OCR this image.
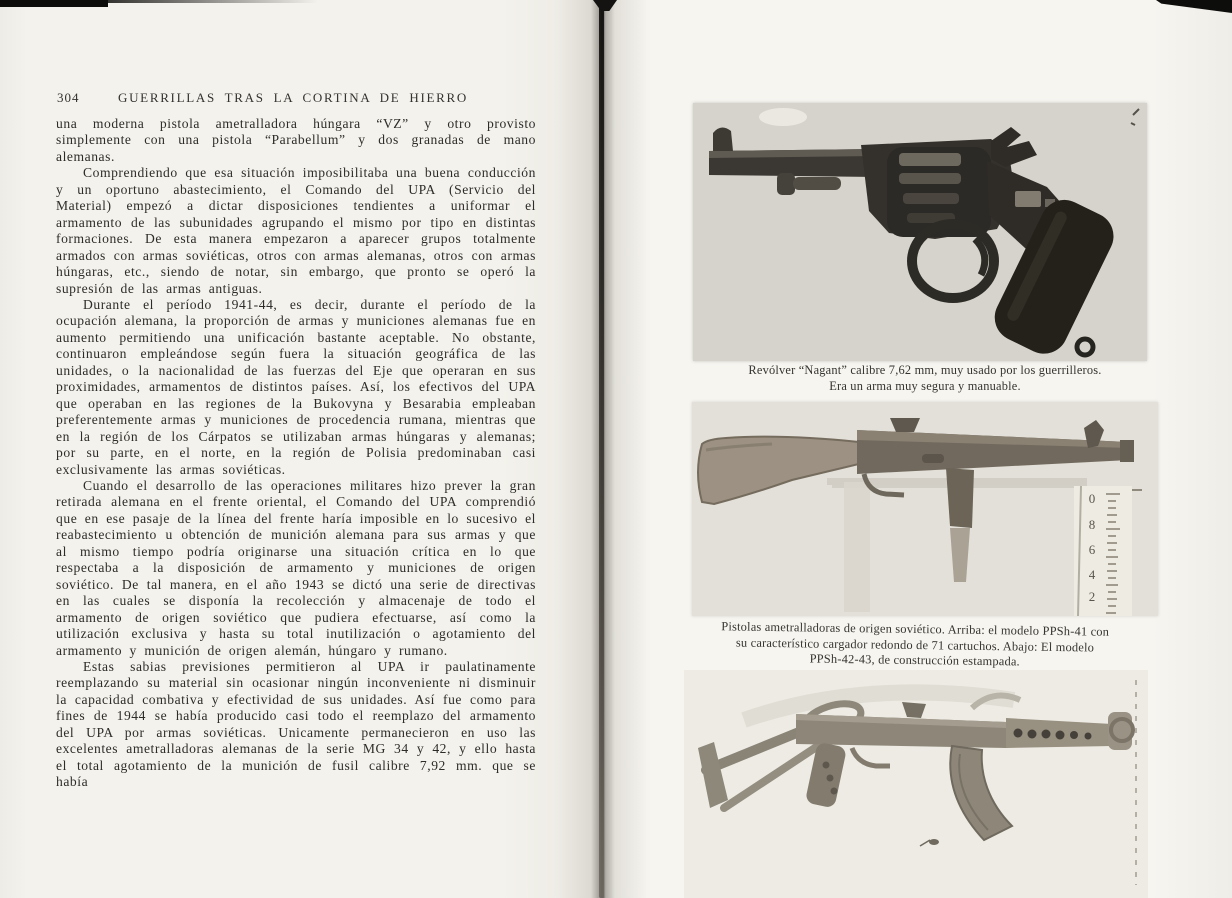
304	GUERRILLAS TRAS LA CORTINA DE HIERRO

una moderna pistola ametralladora húngara “VZ” y otro provisto simplemente con una pistola “Parabellum” y dos granadas de mano alemanas.

Comprendiendo que esa situación imposibilitaba una buena conducción y un oportuno abastecimiento, el Comando del UPA (Servicio del Material) empezó a dictar disposiciones tendientes a uniformar el armamento de las subunidades agrupando el mismo por tipo en distintas formaciones. De esta manera empezaron a aparecer grupos totalmente armados con armas soviéticas, otros con armas alemanas, otros con armas húngaras, etc., siendo de notar, sin embargo, que pronto se operó la supresión de las armas antiguas.

Durante el período 1941-44, es decir, durante el período de la ocupación alemana, la proporción de armas y municiones alemanas fue en aumento permitiendo una unificación bastante aceptable. No obstante, continuaron empleándose según fuera la situación geográfica de las unidades, o la nacionalidad de las fuerzas del Eje que operaran en sus proximidades, armamentos de distintos países. Así, los efectivos del UPA que operaban en las regiones de la Bukovyna y Besarabia empleaban preferentemente armas y municiones de procedencia rumana, mientras que en la región de los Cárpatos se utilizaban armas húngaras y alemanas; por su parte, en el norte, en la región de Polisia predominaban casi exclusivamente las armas soviéticas.

Cuando el desarrollo de las operaciones militares hizo prever la gran retirada alemana en el frente oriental, el Comando del UPA comprendió que en ese pasaje de la línea del frente haría imposible en lo sucesivo el reabastecimiento u obtención de munición alemana para sus armas y que al mismo tiempo podría originarse una situación crítica en lo que respectaba a la disposición de armamento y municiones de origen soviético. De tal manera, en el año 1943 se dictó una serie de directivas en las cuales se disponía la recolección y almacenaje de todo el armamento de origen soviético que pudiera efectuarse, así como la utilización exclusiva y hasta su total inutilización o agotamiento del armamento y munición de origen alemán, húngaro y rumano.

Estas sabias previsiones permitieron al UPA ir paulatinamente reemplazando su material sin ocasionar ningún inconveniente ni disminuir la capacidad combativa y efectividad de sus unidades. Así fue como para fines de 1944 se había producido casi todo el reemplazo del armamento del UPA por armas soviéticas. Unicamente permanecieron en uso las excelentes ametralladoras alemanas de la serie MG 34 y 42, y ello hasta el total agotamiento de la munición de fusil calibre 7,92 mm. que se había

Revólver “Nagant” calibre 7,62 mm, muy usado por los guerrilleros.
Era un arma muy segura y manuable.
0
8
6
4
2
Pistolas ametralladoras de origen soviético. Arriba: el modelo PPSh-41 con
su característico cargador redondo de 71 cartuchos. Abajo: El modelo
PPSh-42-43, de construcción estampada.
